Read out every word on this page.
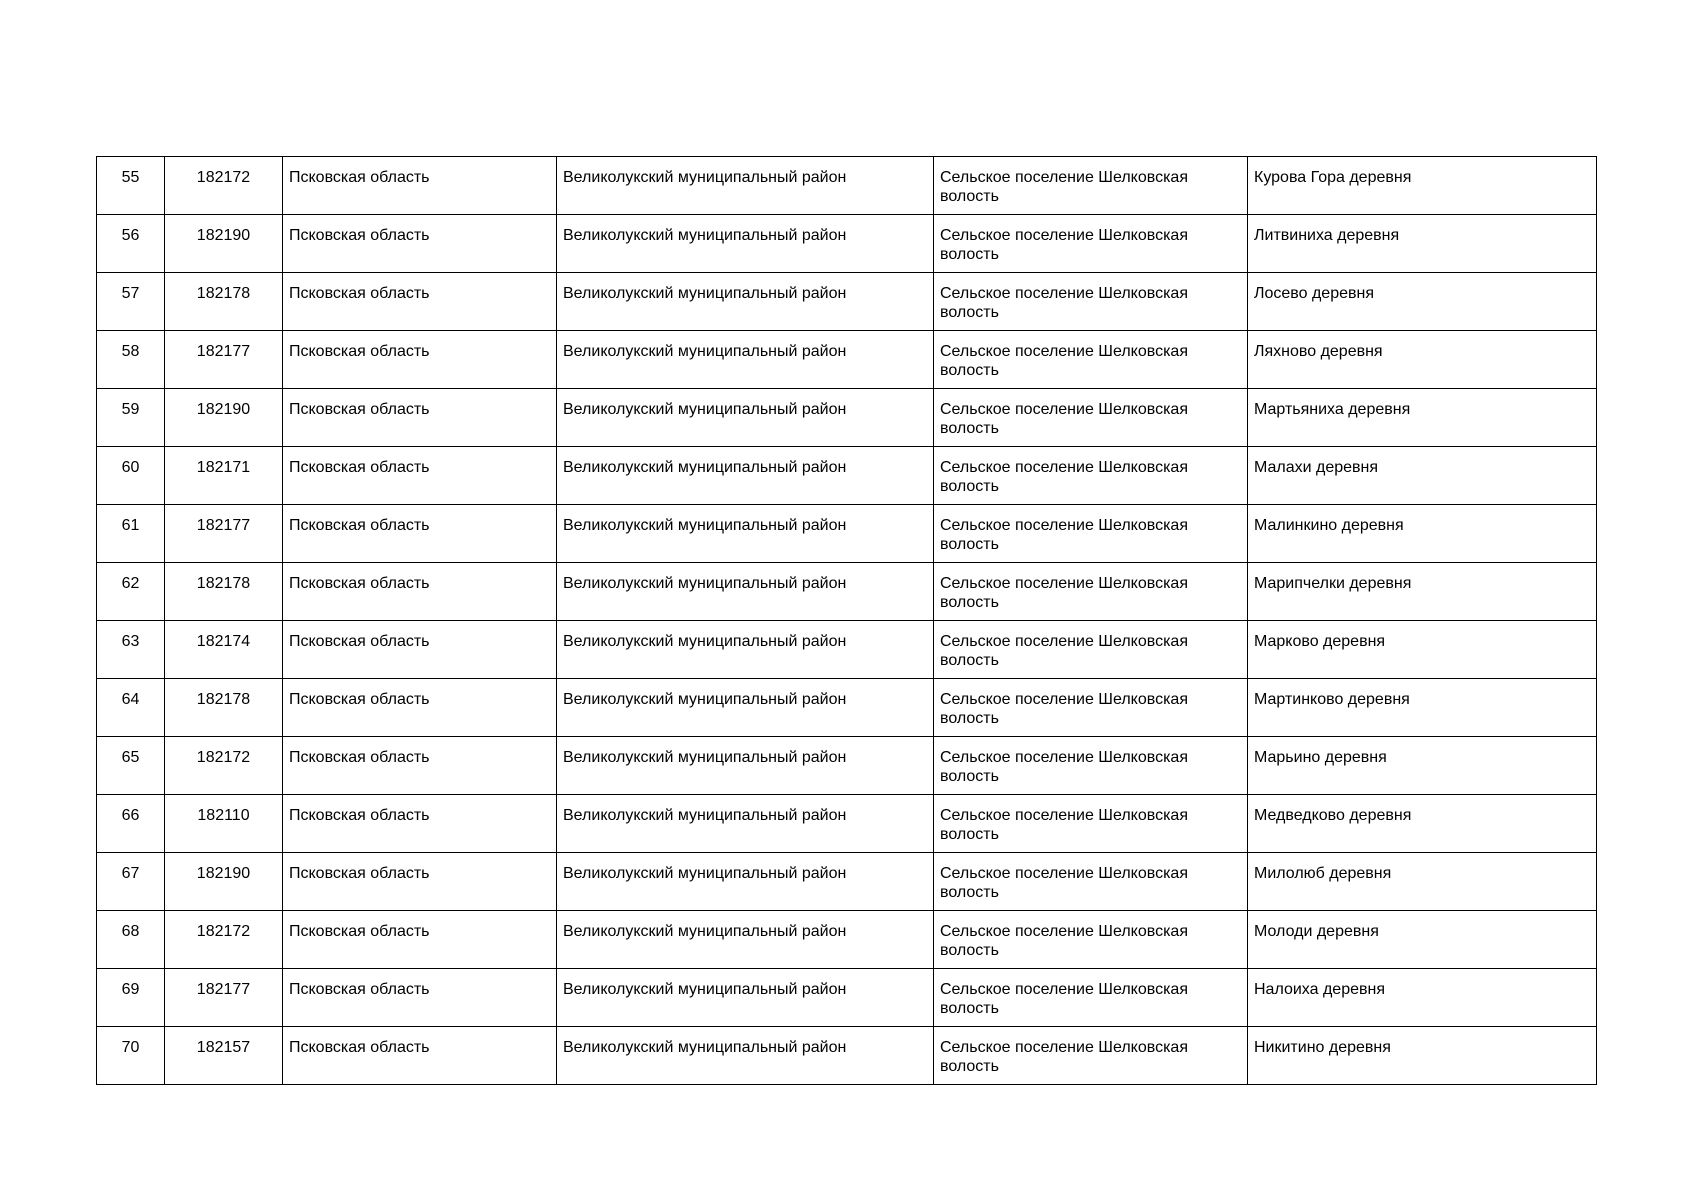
55	182172	Псковская область	Великолукский муниципальный район	Сельское поселение Шелковская волость	Курова Гора деревня
56	182190	Псковская область	Великолукский муниципальный район	Сельское поселение Шелковская волость	Литвиниха деревня
57	182178	Псковская область	Великолукский муниципальный район	Сельское поселение Шелковская волость	Лосево деревня
58	182177	Псковская область	Великолукский муниципальный район	Сельское поселение Шелковская волость	Ляхново деревня
59	182190	Псковская область	Великолукский муниципальный район	Сельское поселение Шелковская волость	Мартьяниха деревня
60	182171	Псковская область	Великолукский муниципальный район	Сельское поселение Шелковская волость	Малахи деревня
61	182177	Псковская область	Великолукский муниципальный район	Сельское поселение Шелковская волость	Малинкино деревня
62	182178	Псковская область	Великолукский муниципальный район	Сельское поселение Шелковская волость	Марипчелки деревня
63	182174	Псковская область	Великолукский муниципальный район	Сельское поселение Шелковская волость	Марково деревня
64	182178	Псковская область	Великолукский муниципальный район	Сельское поселение Шелковская волость	Мартинково деревня
65	182172	Псковская область	Великолукский муниципальный район	Сельское поселение Шелковская волость	Марьино деревня
66	182110	Псковская область	Великолукский муниципальный район	Сельское поселение Шелковская волость	Медведково деревня
67	182190	Псковская область	Великолукский муниципальный район	Сельское поселение Шелковская волость	Милолюб деревня
68	182172	Псковская область	Великолукский муниципальный район	Сельское поселение Шелковская волость	Молоди деревня
69	182177	Псковская область	Великолукский муниципальный район	Сельское поселение Шелковская волость	Налоиха деревня
70	182157	Псковская область	Великолукский муниципальный район	Сельское поселение Шелковская волость	Никитино деревня
